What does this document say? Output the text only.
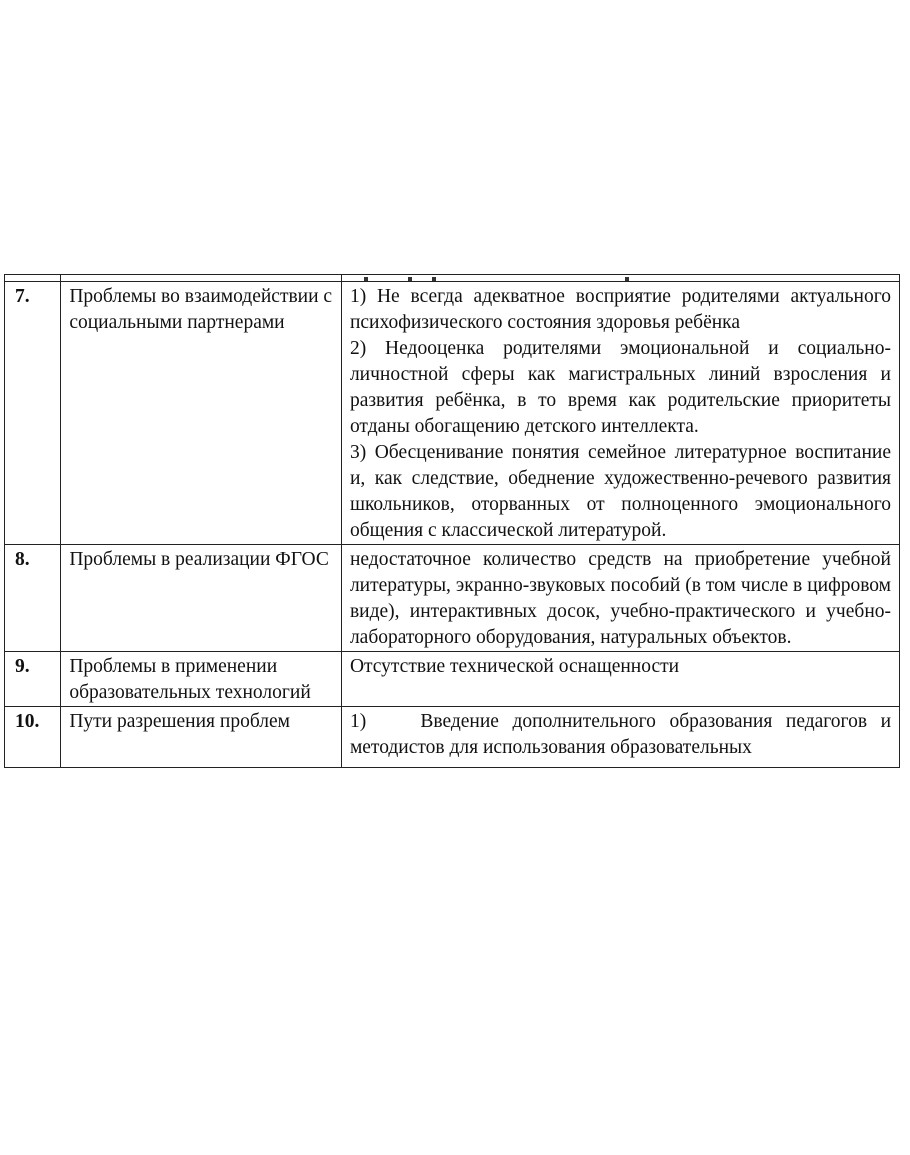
7.	Проблемы во взаимодействии с социальными партнерами	1) Не всегда адекватное восприятие родителями актуального психофизического состояния здоровья ребёнка

2) Недооценка родителями эмоциональной и социально-личностной сферы как магистральных линий взросления и развития ребёнка, в то время как родительские приоритеты отданы обогащению детского интеллекта.

3) Обесценивание понятия семейное литературное воспитание и, как следствие, обеднение художественно-речевого развития школьников, оторванных от полноценного эмоционального общения с классической литературой.

8.	Проблемы в реализации ФГОС	недостаточное количество средств на приобретение учебной литературы, экранно-звуковых пособий (в том числе в цифровом виде), интерактивных досок, учебно-практического и учебно-лабораторного оборудования, натуральных объектов.

9.	Проблемы в применении образовательных технологий	Отсутствие технической оснащенности

10.	Пути разрешения проблем	1)    Введение дополнительного образования педагогов и методистов для использования образовательных
